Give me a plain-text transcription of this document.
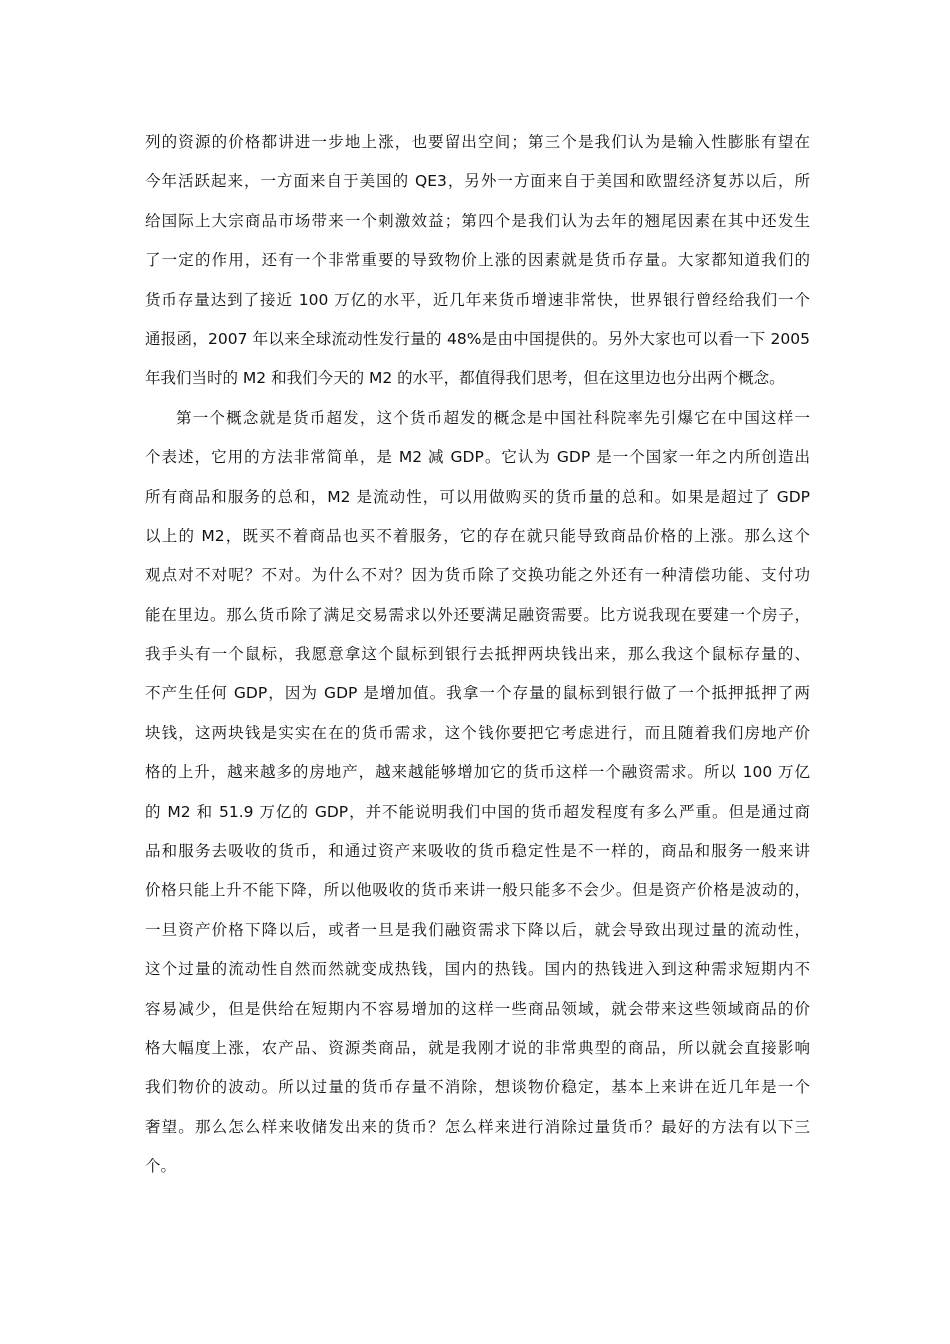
列的资源的价格都讲进一步地上涨，也要留出空间；第三个是我们认为是输入性膨胀有望在
今年活跃起来，一方面来自于美国的 QE3，另外一方面来自于美国和欧盟经济复苏以后，所
给国际上大宗商品市场带来一个刺激效益；第四个是我们认为去年的翘尾因素在其中还发生
了一定的作用，还有一个非常重要的导致物价上涨的因素就是货币存量。大家都知道我们的
货币存量达到了接近 100 万亿的水平，近几年来货币增速非常快，世界银行曾经给我们一个
通报函，2007 年以来全球流动性发行量的 48%是由中国提供的。另外大家也可以看一下 2005
年我们当时的 M2 和我们今天的 M2 的水平，都值得我们思考，但在这里边也分出两个概念。
第一个概念就是货币超发，这个货币超发的概念是中国社科院率先引爆它在中国这样一
个表述，它用的方法非常简单，是 M2 减 GDP。它认为 GDP 是一个国家一年之内所创造出
所有商品和服务的总和，M2 是流动性，可以用做购买的货币量的总和。如果是超过了 GDP
以上的 M2，既买不着商品也买不着服务，它的存在就只能导致商品价格的上涨。那么这个
观点对不对呢？不对。为什么不对？因为货币除了交换功能之外还有一种清偿功能、支付功
能在里边。那么货币除了满足交易需求以外还要满足融资需要。比方说我现在要建一个房子，
我手头有一个鼠标，我愿意拿这个鼠标到银行去抵押两块钱出来，那么我这个鼠标存量的、
不产生任何 GDP，因为 GDP 是增加值。我拿一个存量的鼠标到银行做了一个抵押抵押了两
块钱，这两块钱是实实在在的货币需求，这个钱你要把它考虑进行，而且随着我们房地产价
格的上升，越来越多的房地产，越来越能够增加它的货币这样一个融资需求。所以 100 万亿
的 M2 和 51.9 万亿的 GDP，并不能说明我们中国的货币超发程度有多么严重。但是通过商
品和服务去吸收的货币，和通过资产来吸收的货币稳定性是不一样的，商品和服务一般来讲
价格只能上升不能下降，所以他吸收的货币来讲一般只能多不会少。但是资产价格是波动的，
一旦资产价格下降以后，或者一旦是我们融资需求下降以后，就会导致出现过量的流动性，
这个过量的流动性自然而然就变成热钱，国内的热钱。国内的热钱进入到这种需求短期内不
容易减少，但是供给在短期内不容易增加的这样一些商品领域，就会带来这些领域商品的价
格大幅度上涨，农产品、资源类商品，就是我刚才说的非常典型的商品，所以就会直接影响
我们物价的波动。所以过量的货币存量不消除，想谈物价稳定，基本上来讲在近几年是一个
奢望。那么怎么样来收储发出来的货币？怎么样来进行消除过量货币？最好的方法有以下三
个。
